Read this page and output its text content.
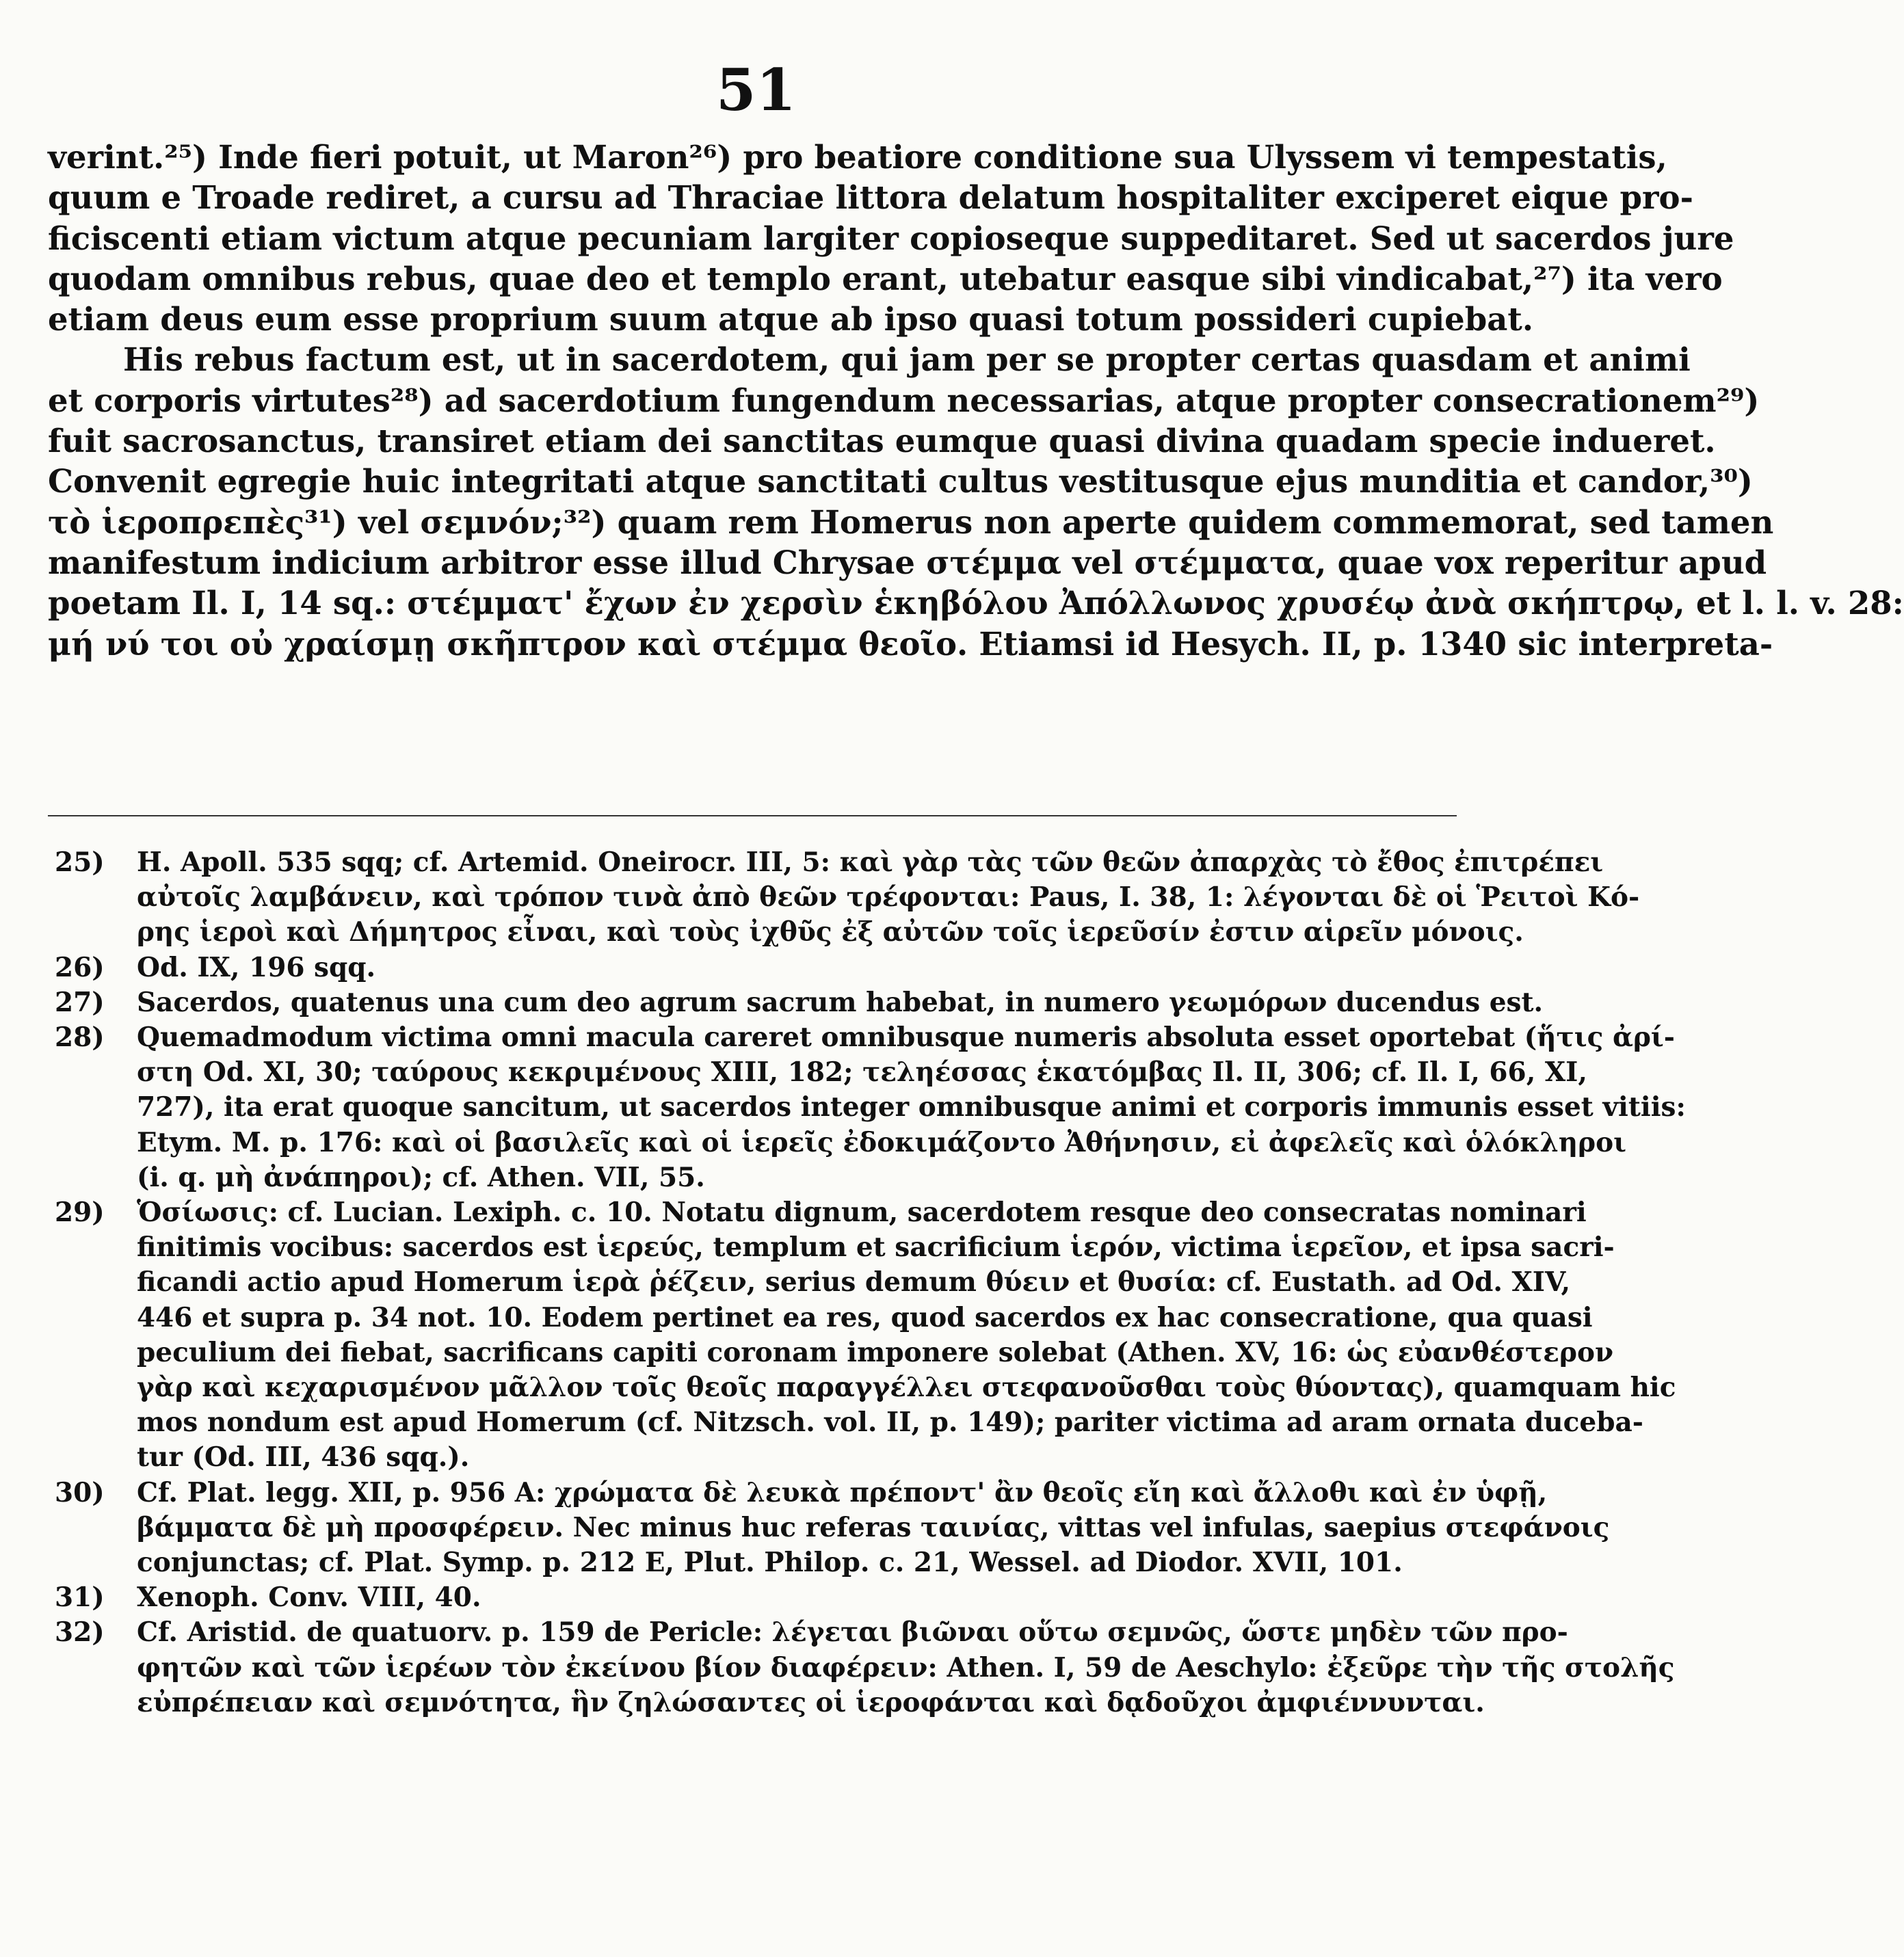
51
verint.²⁵) Inde fieri potuit, ut Maron²⁶) pro beatiore conditione sua Ulyssem vi tempestatis,
quum e Troade rediret, a cursu ad Thraciae littora delatum hospitaliter exciperet eique pro-
ficiscenti etiam victum atque pecuniam largiter copioseque suppeditaret. Sed ut sacerdos jure
quodam omnibus rebus, quae deo et templo erant, utebatur easque sibi vindicabat,²⁷) ita vero
etiam deus eum esse proprium suum atque ab ipso quasi totum possideri cupiebat.
His rebus factum est, ut in sacerdotem, qui jam per se propter certas quasdam et animi
et corporis virtutes²⁸) ad sacerdotium fungendum necessarias, atque propter consecrationem²⁹)
fuit sacrosanctus, transiret etiam dei sanctitas eumque quasi divina quadam specie indueret.
Convenit egregie huic integritati atque sanctitati cultus vestitusque ejus munditia et candor,³⁰)
τὸ ἱεροπρεπὲς³¹) vel σεμνόν;³²) quam rem Homerus non aperte quidem commemorat, sed tamen
manifestum indicium arbitror esse illud Chrysae στέμμα vel στέμματα, quae vox reperitur apud
poetam Il. I, 14 sq.: στέμματ' ἔχων ἐν χερσὶν ἑκηβόλου Ἀπόλλωνος χρυσέῳ ἀνὰ σκήπτρῳ, et l. l. v. 28:
μή νύ τοι οὐ χραίσμῃ σκῆπτρον καὶ στέμμα θεοῖο. Etiamsi id Hesych. II, p. 1340 sic interpreta-
25) H. Apoll. 535 sqq; cf. Artemid. Oneirocr. III, 5: καὶ γὰρ τὰς τῶν θεῶν ἀπαρχὰς τὸ ἔθος ἐπιτρέπει
αὐτοῖς λαμβάνειν, καὶ τρόπον τινὰ ἀπὸ θεῶν τρέφονται: Paus, I. 38, 1: λέγονται δὲ οἱ Ῥειτοὶ Κό-
ρης ἱεροὶ καὶ Δήμητρος εἶναι, καὶ τοὺς ἰχθῦς ἐξ αὐτῶν τοῖς ἱερεῦσίν ἐστιν αἱρεῖν μόνοις.
26) Od. IX, 196 sqq.
27) Sacerdos, quatenus una cum deo agrum sacrum habebat, in numero γεωμόρων ducendus est.
28) Quemadmodum victima omni macula careret omnibusque numeris absoluta esset oportebat (ἥτις ἀρί-
στη Od. XI, 30; ταύρους κεκριμένους XIII, 182; τεληέσσας ἑκατόμβας Il. II, 306; cf. Il. I, 66, XI,
727), ita erat quoque sancitum, ut sacerdos integer omnibusque animi et corporis immunis esset vitiis:
Etym. M. p. 176: καὶ οἱ βασιλεῖς καὶ οἱ ἱερεῖς ἐδοκιμάζοντο Ἀθήνησιν, εἰ ἀφελεῖς καὶ ὁλόκληροι
(i. q. μὴ ἀνάπηροι); cf. Athen. VII, 55.
29) Ὁσίωσις: cf. Lucian. Lexiph. c. 10. Notatu dignum, sacerdotem resque deo consecratas nominari
finitimis vocibus: sacerdos est ἱερεύς, templum et sacrificium ἱερόν, victima ἱερεῖον, et ipsa sacri-
ficandi actio apud Homerum ἱερὰ ῥέζειν, serius demum θύειν et θυσία: cf. Eustath. ad Od. XIV,
446 et supra p. 34 not. 10. Eodem pertinet ea res, quod sacerdos ex hac consecratione, qua quasi
peculium dei fiebat, sacrificans capiti coronam imponere solebat (Athen. XV, 16: ὡς εὐανθέστερον
γὰρ καὶ κεχαρισμένον μᾶλλον τοῖς θεοῖς παραγγέλλει στεφανοῦσθαι τοὺς θύοντας), quamquam hic
mos nondum est apud Homerum (cf. Nitzsch. vol. II, p. 149); pariter victima ad aram ornata duceba-
tur (Od. III, 436 sqq.).
30) Cf. Plat. legg. XII, p. 956 A: χρώματα δὲ λευκὰ πρέποντ' ἂν θεοῖς εἴη καὶ ἄλλοθι καὶ ἐν ὑφῇ,
βάμματα δὲ μὴ προσφέρειν. Nec minus huc referas ταινίας, vittas vel infulas, saepius στεφάνοις
conjunctas; cf. Plat. Symp. p. 212 E, Plut. Philop. c. 21, Wessel. ad Diodor. XVII, 101.
31) Xenoph. Conv. VIII, 40.
32) Cf. Aristid. de quatuorv. p. 159 de Pericle: λέγεται βιῶναι οὕτω σεμνῶς, ὥστε μηδὲν τῶν προ-
φητῶν καὶ τῶν ἱερέων τὸν ἐκείνου βίον διαφέρειν: Athen. I, 59 de Aeschylo: ἐξεῦρε τὴν τῆς στολῆς
εὐπρέπειαν καὶ σεμνότητα, ἣν ζηλώσαντες οἱ ἱεροφάνται καὶ δᾳδοῦχοι ἀμφιέννυνται.
